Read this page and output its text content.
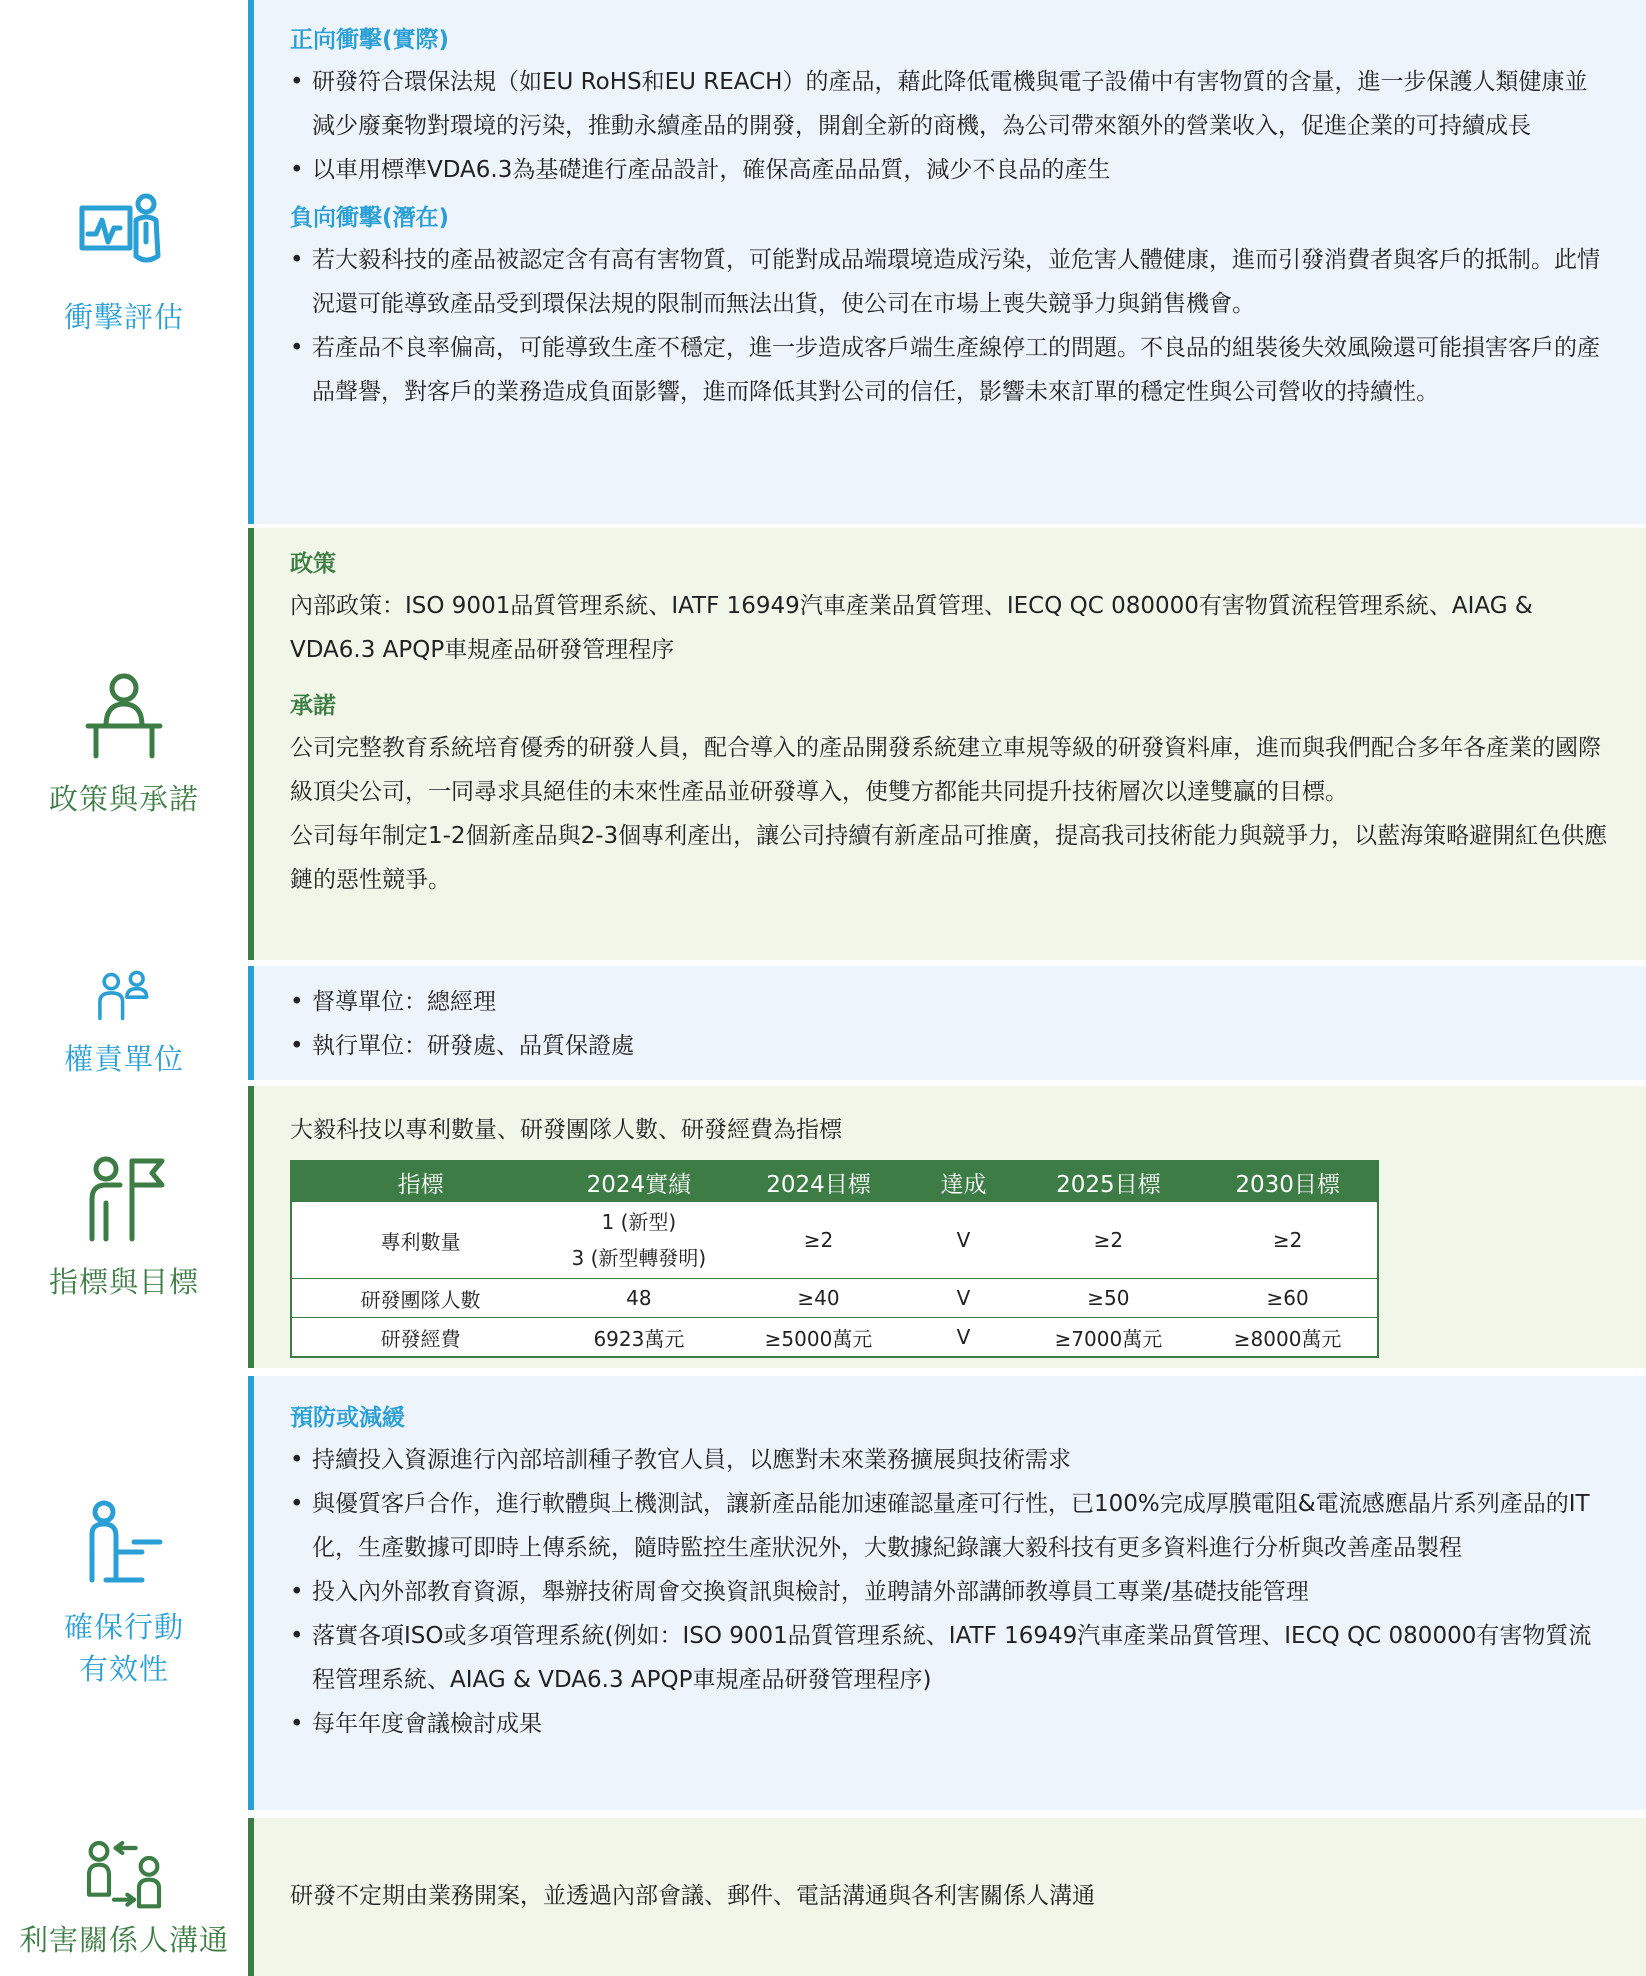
衝擊評估
正向衝擊(實際)
• 研發符合環保法規（如EU RoHS和EU REACH）的產品，藉此降低電機與電子設備中有害物質的含量，進一步保護人類健康並減少廢棄物對環境的污染，推動永續產品的開發，開創全新的商機，為公司帶來額外的營業收入，促進企業的可持續成長
• 以車用標準VDA6.3為基礎進行產品設計，確保高產品品質，減少不良品的產生
負向衝擊(潛在)
• 若大毅科技的產品被認定含有高有害物質，可能對成品端環境造成污染，並危害人體健康，進而引發消費者與客戶的抵制。此情況還可能導致產品受到環保法規的限制而無法出貨，使公司在市場上喪失競爭力與銷售機會。
• 若產品不良率偏高，可能導致生產不穩定，進一步造成客戶端生產線停工的問題。不良品的組裝後失效風險還可能損害客戶的產品聲譽，對客戶的業務造成負面影響，進而降低其對公司的信任，影響未來訂單的穩定性與公司營收的持續性。
政策與承諾
政策
內部政策：ISO 9001品質管理系統、IATF 16949汽車產業品質管理、IECQ QC 080000有害物質流程管理系統、AIAG & VDA6.3 APQP車規產品研發管理程序
承諾
公司完整教育系統培育優秀的研發人員，配合導入的產品開發系統建立車規等級的研發資料庫，進而與我們配合多年各產業的國際級頂尖公司，一同尋求具絕佳的未來性產品並研發導入，使雙方都能共同提升技術層次以達雙贏的目標。
公司每年制定1-2個新產品與2-3個專利產出，讓公司持續有新產品可推廣，提高我司技術能力與競爭力，以藍海策略避開紅色供應鏈的惡性競爭。
權責單位
• 督導單位：總經理
• 執行單位：研發處、品質保證處
指標與目標
大毅科技以專利數量、研發團隊人數、研發經費為指標
指標	2024實績	2024目標	達成	2025目標	2030目標
專利數量	1 (新型)
3 (新型轉發明)	≥2	V	≥2	≥2
研發團隊人數	48	≥40	V	≥50	≥60
研發經費	6923萬元	≥5000萬元	V	≥7000萬元	≥8000萬元
確保行動
有效性
預防或減緩
• 持續投入資源進行內部培訓種子教官人員，以應對未來業務擴展與技術需求
• 與優質客戶合作，進行軟體與上機測試，讓新產品能加速確認量產可行性，已100%完成厚膜電阻&電流感應晶片系列產品的IT化，生產數據可即時上傳系統，隨時監控生產狀況外，大數據紀錄讓大毅科技有更多資料進行分析與改善產品製程
• 投入內外部教育資源，舉辦技術周會交換資訊與檢討，並聘請外部講師教導員工專業/基礎技能管理
• 落實各項ISO或多項管理系統(例如：ISO 9001品質管理系統、IATF 16949汽車產業品質管理、IECQ QC 080000有害物質流程管理系統、AIAG & VDA6.3 APQP車規產品研發管理程序)
• 每年年度會議檢討成果
利害關係人溝通
研發不定期由業務開案，並透過內部會議、郵件、電話溝通與各利害關係人溝通
